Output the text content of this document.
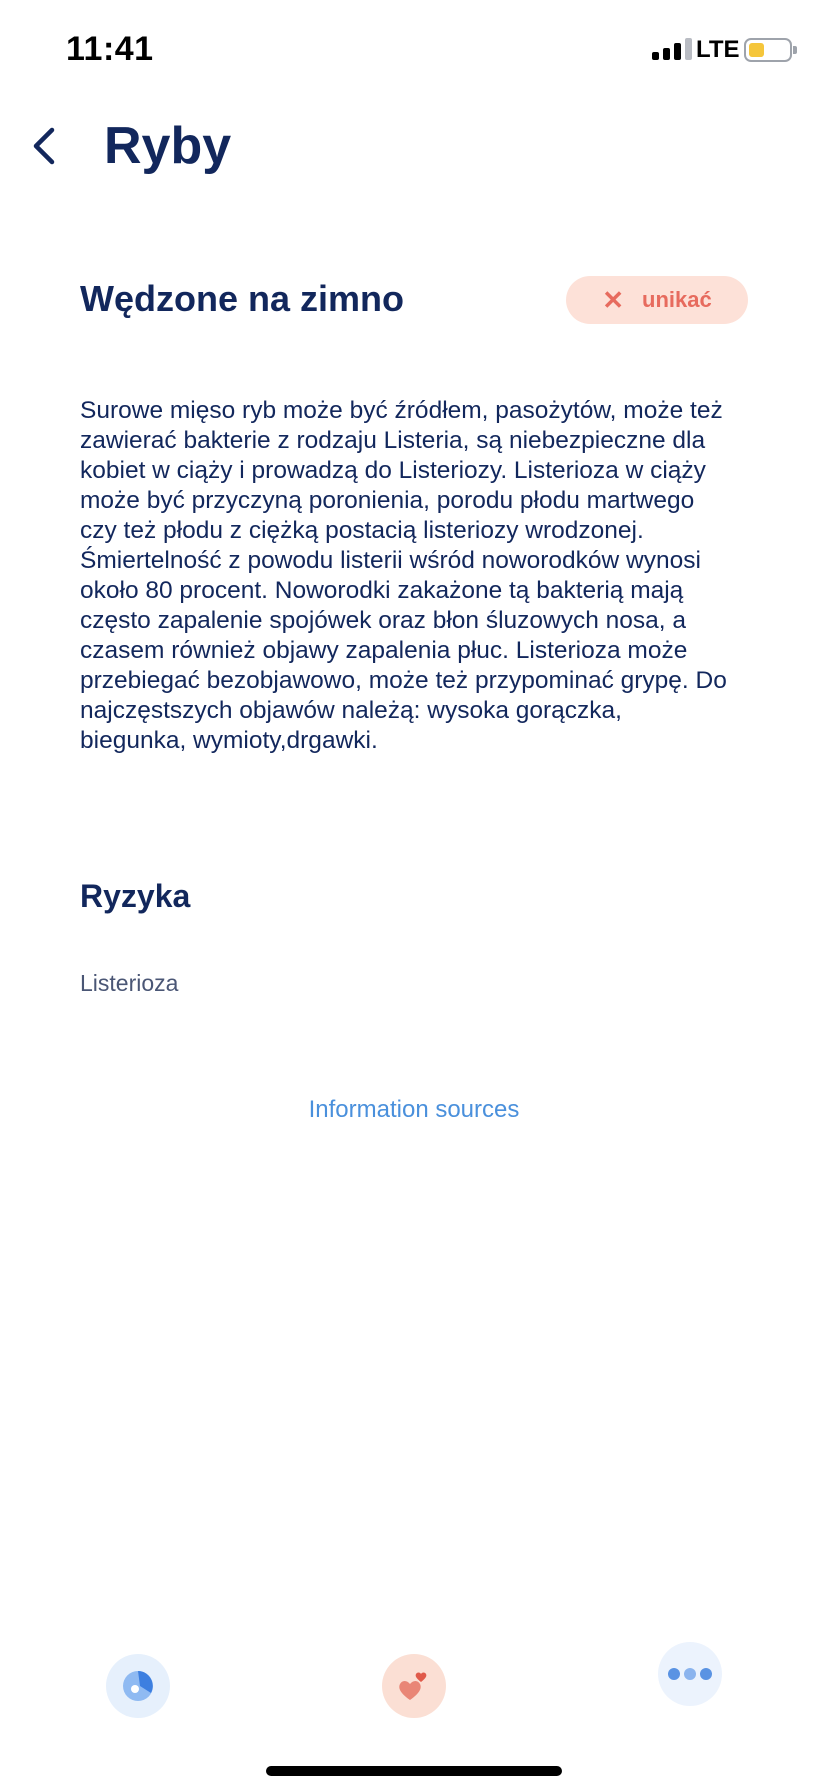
11:41	LTE
Ryby
Wędzone na zimno	✕ unikać
Surowe mięso ryb może być źródłem, pasożytów, może też zawierać bakterie z rodzaju Listeria, są niebezpieczne dla kobiet w ciąży i prowadzą do Listeriozy. Listerioza w ciąży może być przyczyną poronienia, porodu płodu martwego czy też płodu z ciężką postacią listeriozy wrodzonej. Śmiertelność z powodu listerii wśród noworodków wynosi około 80 procent. Noworodki zakażone tą bakterią mają często zapalenie spojówek oraz błon śluzowych nosa, a czasem również objawy zapalenia płuc. Listerioza może przebiegać bezobjawowo, może też przypominać grypę. Do najczęstszych objawów należą: wysoka gorączka, biegunka, wymioty,drgawki.
Ryzyka
Listerioza
Information sources
